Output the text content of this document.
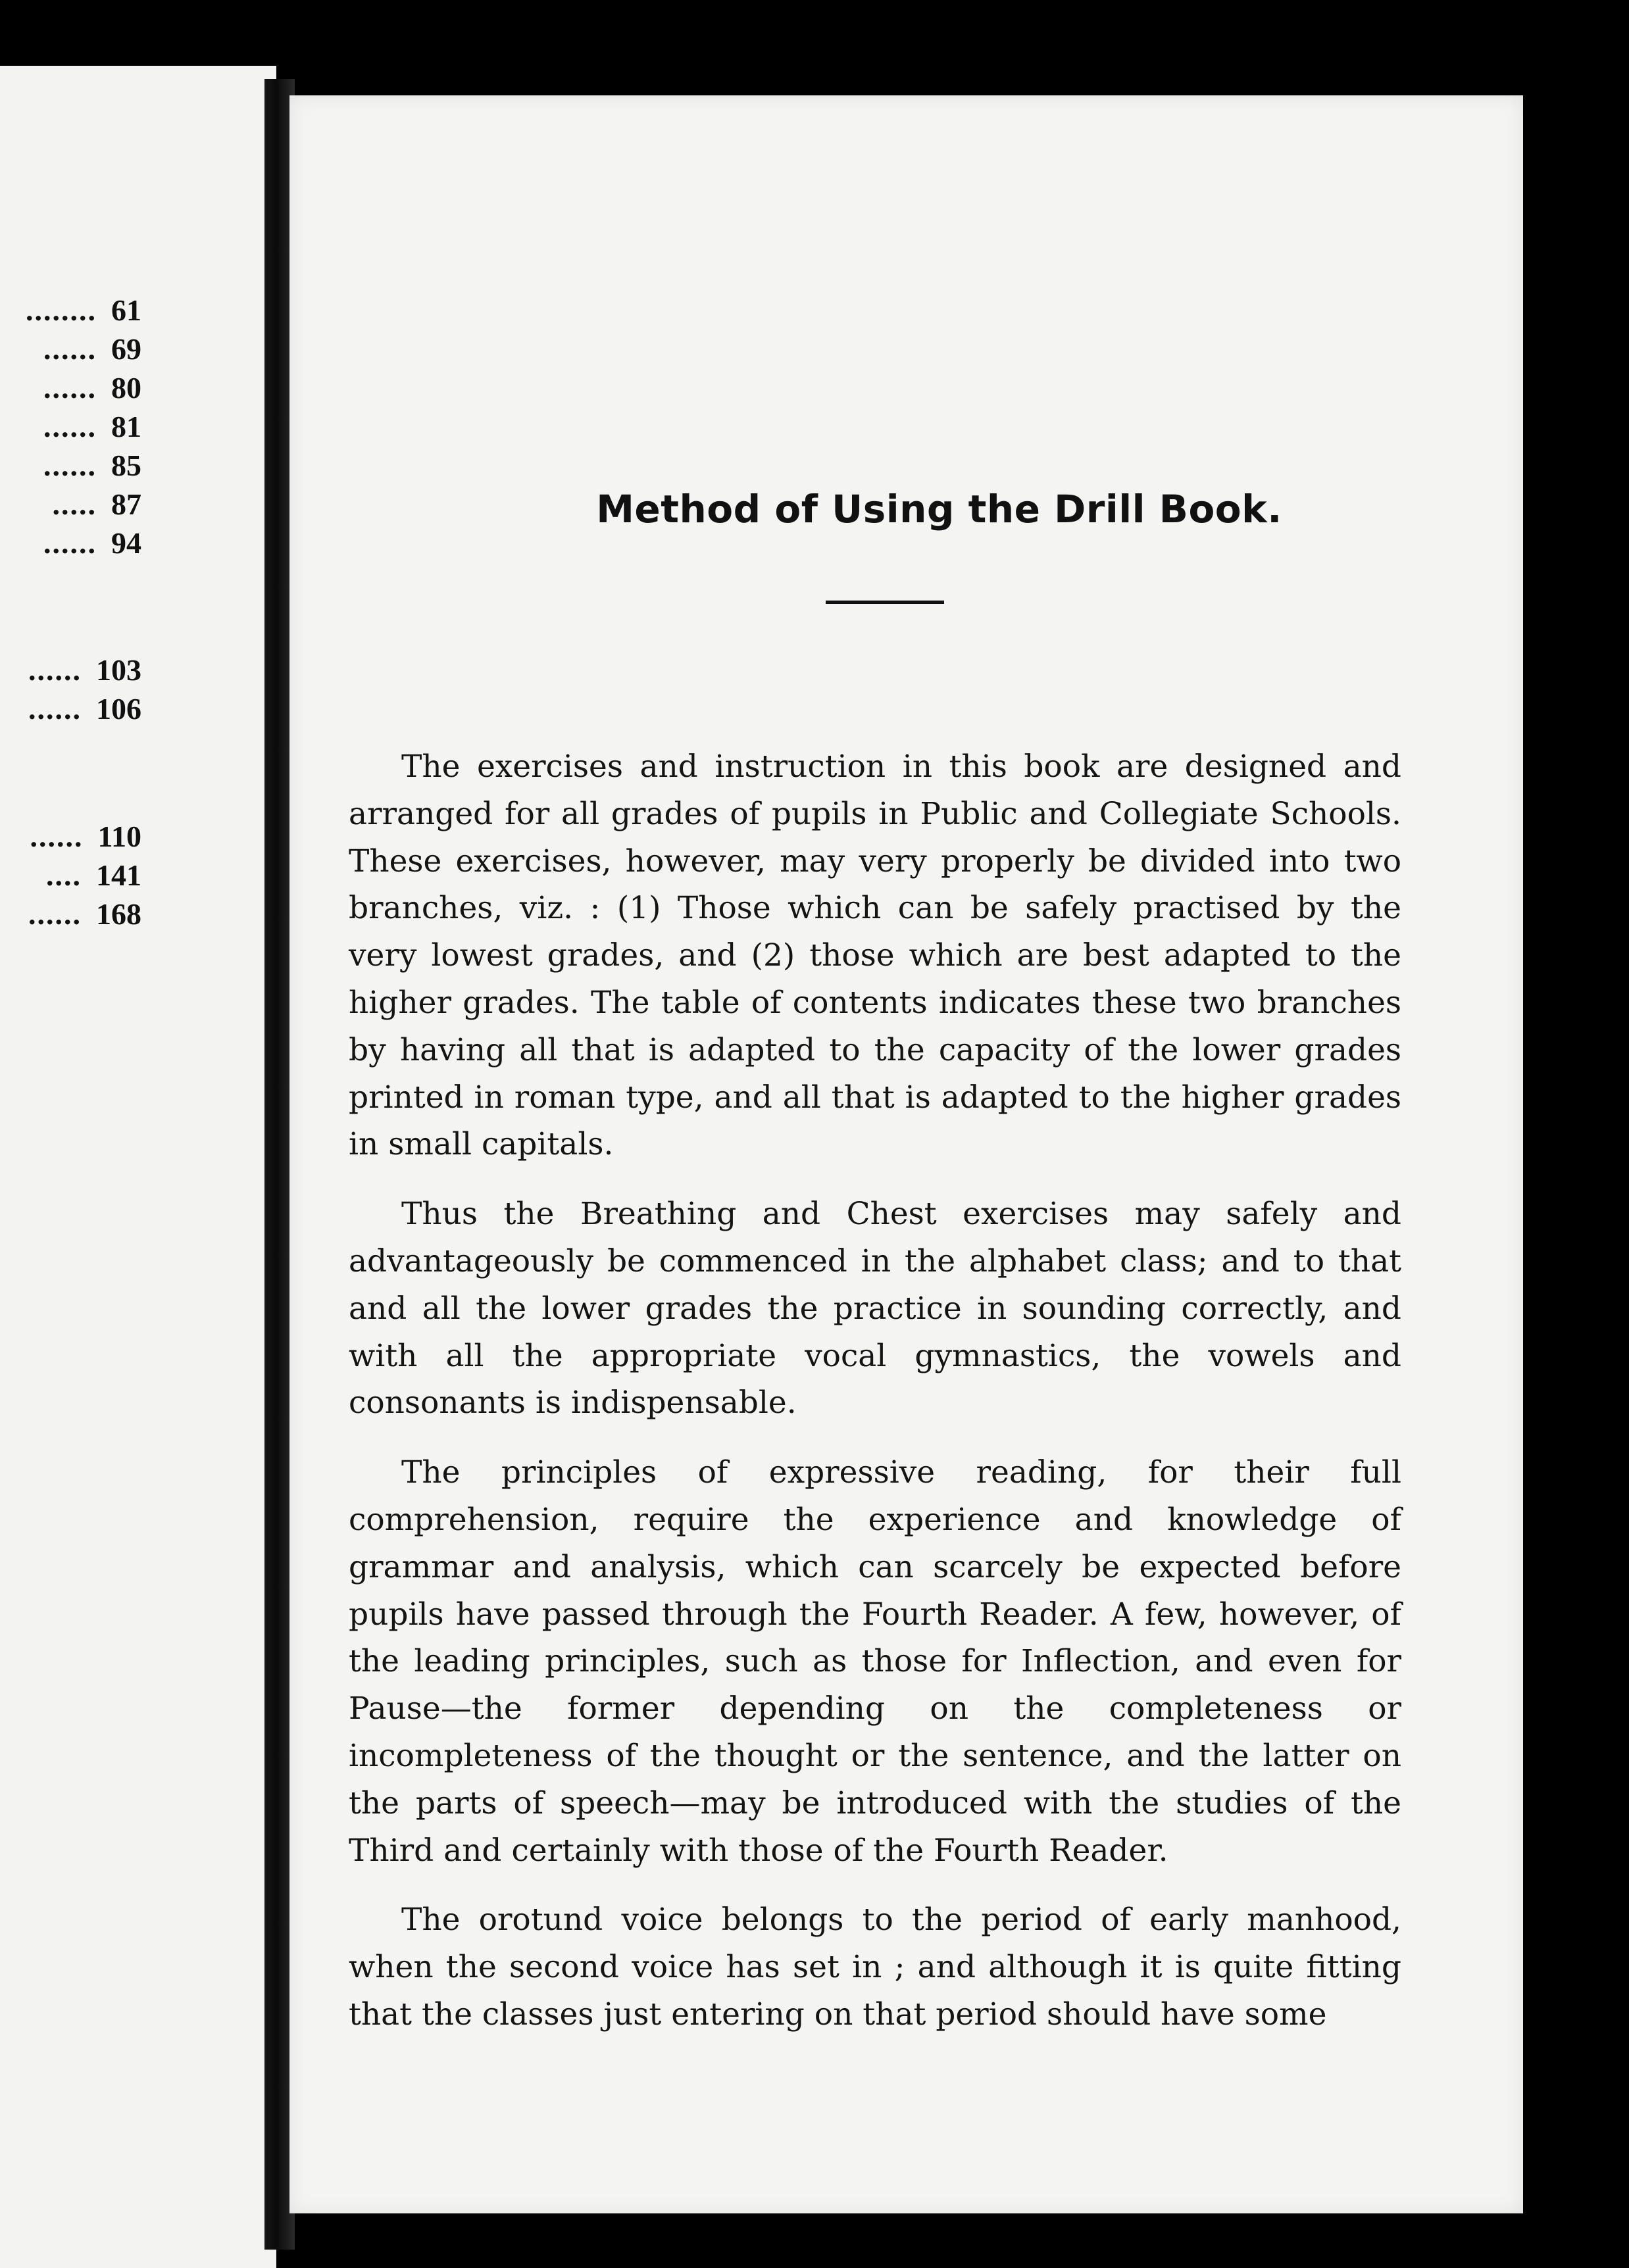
........ 61
...... 69
...... 80
...... 81
...... 85
..... 87
...... 94
...... 103
...... 106
...... 110
.... 141
...... 168
Method of Using the Drill Book.

The exercises and instruction in this book are designed and arranged for all grades of pupils in Public and Collegiate Schools. These exercises, however, may very properly be divided into two branches, viz. : (1) Those which can be safely practised by the very lowest grades, and (2) those which are best adapted to the higher grades. The table of contents indicates these two branches by having all that is adapted to the capacity of the lower grades printed in roman type, and all that is adapted to the higher grades in small capitals.

Thus the Breathing and Chest exercises may safely and advantageously be commenced in the alphabet class; and to that and all the lower grades the practice in sounding correctly, and with all the appropriate vocal gymnastics, the vowels and consonants is indispensable.

The principles of expressive reading, for their full comprehension, require the experience and knowledge of grammar and analysis, which can scarcely be expected before pupils have passed through the Fourth Reader. A few, however, of the leading principles, such as those for Inflection, and even for Pause—the former depending on the completeness or incompleteness of the thought or the sentence, and the latter on the parts of speech—may be introduced with the studies of the Third and certainly with those of the Fourth Reader.

The orotund voice belongs to the period of early manhood, when the second voice has set in ; and although it is quite fitting that the classes just entering on that period should have some
